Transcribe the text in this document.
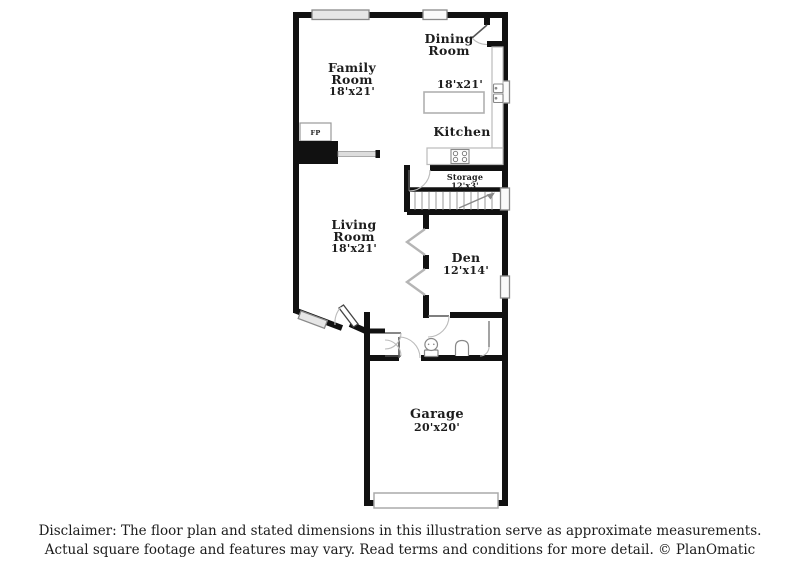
FP
Family
Room
18'x21'
Dining
Room
18'x21'
Kitchen
Storage
12'x3'
Living
Room
18'x21'
Den
12'x14'
Garage
20'x20'
Disclaimer: The floor plan and stated dimensions in this illustration serve as approximate measurements.
Actual square footage and features may vary. Read terms and conditions for more detail. © PlanOmatic
